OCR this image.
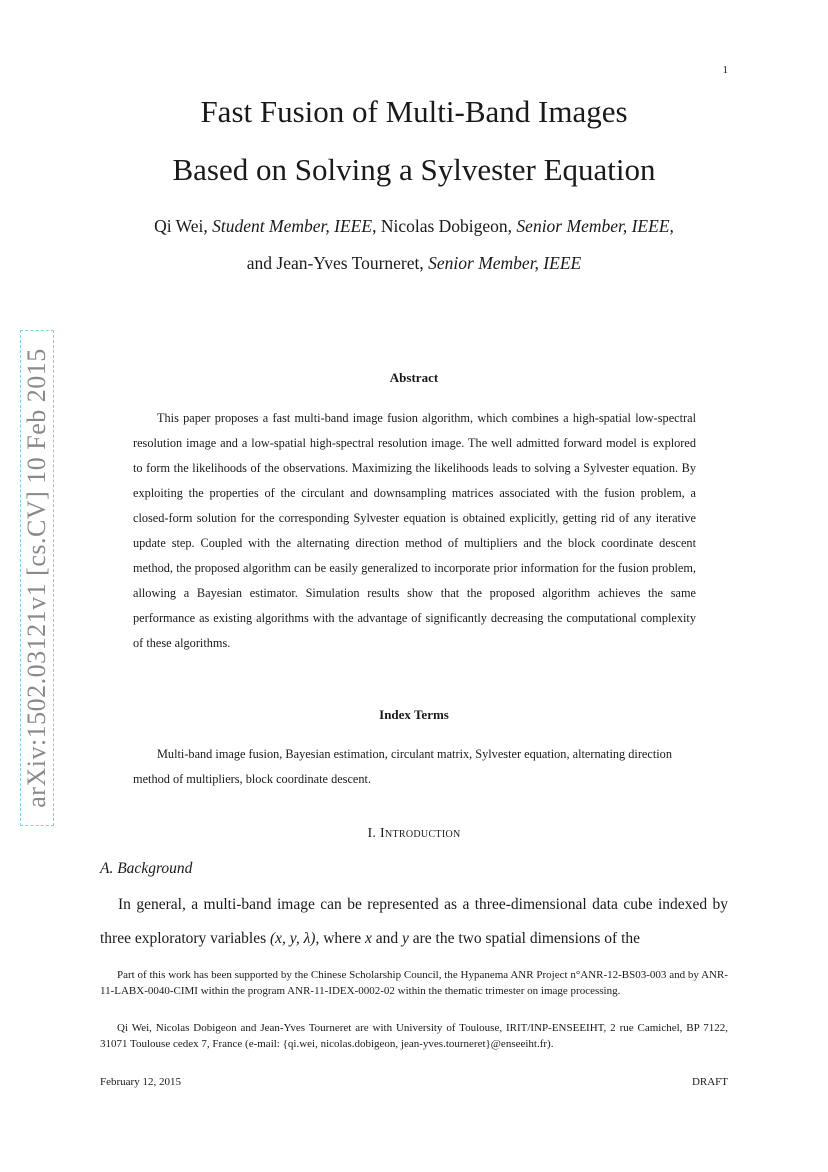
1
arXiv:1502.03121v1 [cs.CV] 10 Feb 2015
Fast Fusion of Multi-Band Images
Based on Solving a Sylvester Equation
Qi Wei, Student Member, IEEE, Nicolas Dobigeon, Senior Member, IEEE,
and Jean-Yves Tourneret, Senior Member, IEEE
Abstract

This paper proposes a fast multi-band image fusion algorithm, which combines a high-spatial low-spectral resolution image and a low-spatial high-spectral resolution image. The well admitted forward model is explored to form the likelihoods of the observations. Maximizing the likelihoods leads to solving a Sylvester equation. By exploiting the properties of the circulant and downsampling matrices associated with the fusion problem, a closed-form solution for the corresponding Sylvester equation is obtained explicitly, getting rid of any iterative update step. Coupled with the alternating direction method of multipliers and the block coordinate descent method, the proposed algorithm can be easily generalized to incorporate prior information for the fusion problem, allowing a Bayesian estimator. Simulation results show that the proposed algorithm achieves the same performance as existing algorithms with the advantage of significantly decreasing the computational complexity of these algorithms.

Index Terms

Multi-band image fusion, Bayesian estimation, circulant matrix, Sylvester equation, alternating direction method of multipliers, block coordinate descent.

I. Introduction
A. Background

In general, a multi-band image can be represented as a three-dimensional data cube indexed by three exploratory variables (x, y, λ), where x and y are the two spatial dimensions of the

Part of this work has been supported by the Chinese Scholarship Council, the Hypanema ANR Project n°ANR-12-BS03-003 and by ANR-11-LABX-0040-CIMI within the program ANR-11-IDEX-0002-02 within the thematic trimester on image processing.

Qi Wei, Nicolas Dobigeon and Jean-Yves Tourneret are with University of Toulouse, IRIT/INP-ENSEEIHT, 2 rue Camichel, BP 7122, 31071 Toulouse cedex 7, France (e-mail: {qi.wei, nicolas.dobigeon, jean-yves.tourneret}@enseeiht.fr).

February 12, 2015	DRAFT
